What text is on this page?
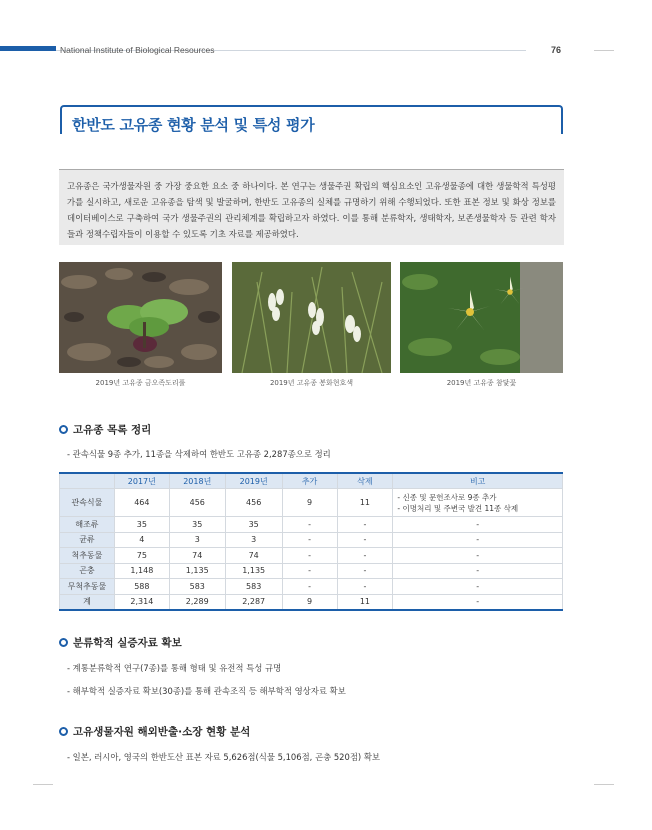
National Institute of Biological Resources	76
한반도 고유종 현황 분석 및 특성 평가
고유종은 국가생물자원 중 가장 중요한 요소 중 하나이다. 본 연구는 생물주권 확립의 핵심요소인 고유생물종에 대한 생물학적 특성평가를 실시하고, 새로운 고유종을 탐색 및 발굴하며, 한반도 고유종의 실체를 규명하기 위해 수행되었다. 또한 표본 정보 및 화상 정보를 데이터베이스로 구축하여 국가 생물주권의 관리체계를 확립하고자 하였다. 이를 통해 분류학자, 생태학자, 보존생물학자 등 관련 학자들과 정책수립자들이 이용할 수 있도록 기초 자료를 제공하였다.
2019년 고유종 금오족도리풀	2019년 고유종 봉화현호색	2019년 고유종 참닻꽃
고유종 목록 정리
- 관속식물 9종 추가, 11종을 삭제하여 한반도 고유종 2,287종으로 정리
	2017년	2018년	2019년	추가	삭제	비고
관속식물	464	456	456	9	11	- 신종 및 문헌조사로 9종 추가
- 이명처리 및 주변국 발견 11종 삭제

해조류	35	35	35	-	-	-
균류	4	3	3	-	-	-
척추동물	75	74	74	-	-	-
곤충	1,148	1,135	1,135	-	-	-
무척추동물	588	583	583	-	-	-
계	2,314	2,289	2,287	9	11	-
분류학적 실증자료 확보
- 계통분류학적 연구(7종)를 통해 형태 및 유전적 특성 규명
- 해부학적 실증자료 확보(30종)를 통해 관속조직 등 해부학적 영상자료 확보
고유생물자원 해외반출·소장 현황 분석
- 일본, 러시아, 영국의 한반도산 표본 자료 5,626점(식물 5,106점, 곤충 520점) 확보
